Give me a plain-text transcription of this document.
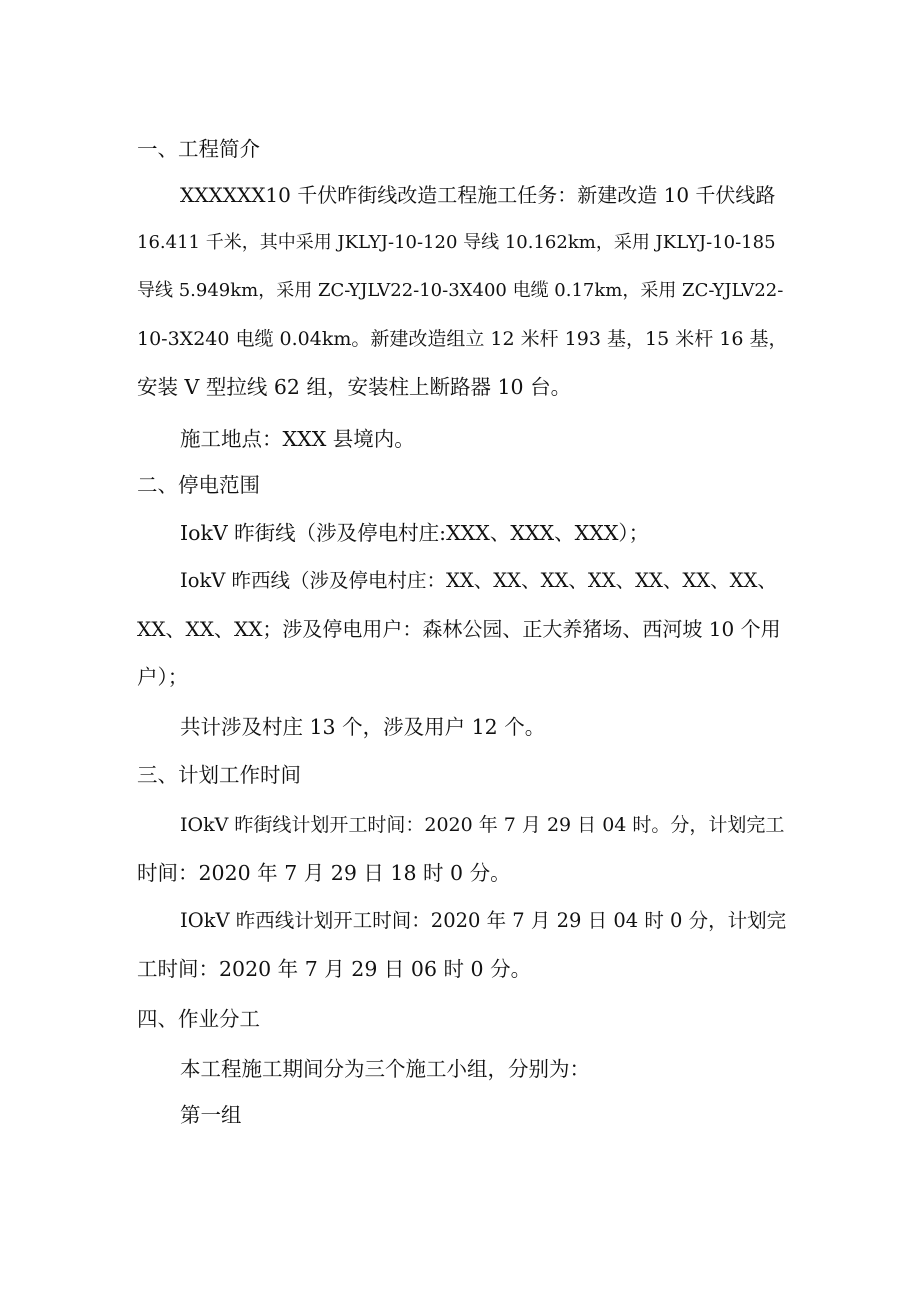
一、工程简介
XXXXXX10 千伏昨街线改造工程施工任务：新建改造 10 千伏线路
16.411 千米，其中采用 JKLYJ-10-120 导线 10.162km，采用 JKLYJ-10-185
导线 5.949km，采用 ZC-YJLV22-10-3X400 电缆 0.17km，采用 ZC-YJLV22-
10-3X240 电缆 0.04km。新建改造组立 12 米杆 193 基，15 米杆 16 基，
安装 V 型拉线 62 组，安装柱上断路器 10 台。
施工地点：XXX 县境内。
二、停电范围
IokV 昨街线（涉及停电村庄:XXX、XXX、XXX）；
IokV 昨西线（涉及停电村庄：XX、XX、XX、XX、XX、XX、XX、
XX、XX、XX；涉及停电用户：森林公园、正大养猪场、西河坡 10 个用
户）；
共计涉及村庄 13 个，涉及用户 12 个。
三、计划工作时间
IOkV 昨街线计划开工时间：2020 年 7 月 29 日 04 时。分，计划完工
时间：2020 年 7 月 29 日 18 时 0 分。
IOkV 昨西线计划开工时间：2020 年 7 月 29 日 04 时 0 分，计划完
工时间：2020 年 7 月 29 日 06 时 0 分。
四、作业分工
本工程施工期间分为三个施工小组，分别为：
第一组
